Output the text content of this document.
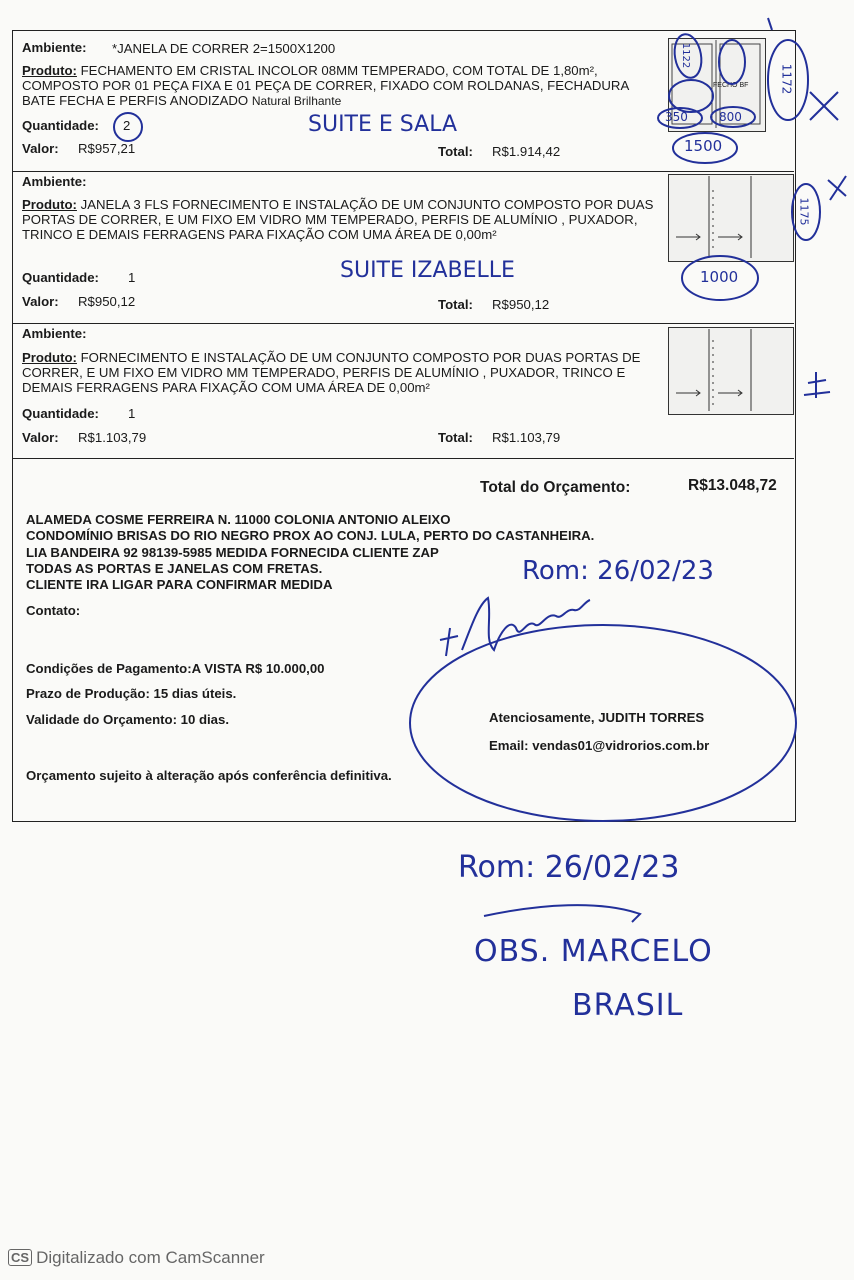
Ambiente: *JANELA DE CORRER 2=1500X1200
Produto: FECHAMENTO EM CRISTAL INCOLOR 08MM TEMPERADO, COM TOTAL DE 1,80m², COMPOSTO POR 01 PEÇA FIXA E 01 PEÇA DE CORRER, FIXADO COM ROLDANAS, FECHADURA BATE FECHA E PERFIS ANODIZADO Natural Brilhante
Quantidade: 2
Valor: R$957,21	Total: R$1.914,42
FECHO BF
Ambiente:
Produto: JANELA 3 FLS FORNECIMENTO E INSTALAÇÃO DE UM CONJUNTO COMPOSTO POR DUAS PORTAS DE CORRER, E UM FIXO EM VIDRO MM TEMPERADO, PERFIS DE ALUMÍNIO , PUXADOR, TRINCO E DEMAIS FERRAGENS PARA FIXAÇÃO COM UMA ÁREA DE 0,00m²
Quantidade: 1
Valor: R$950,12	Total: R$950,12
Ambiente:
Produto: FORNECIMENTO E INSTALAÇÃO DE UM CONJUNTO COMPOSTO POR DUAS PORTAS DE CORRER, E UM FIXO EM VIDRO MM TEMPERADO, PERFIS DE ALUMÍNIO , PUXADOR, TRINCO E DEMAIS FERRAGENS PARA FIXAÇÃO COM UMA ÁREA DE 0,00m²
Quantidade: 1
Valor: R$1.103,79	Total: R$1.103,79
Total do Orçamento:	R$13.048,72
ALAMEDA COSME FERREIRA N. 11000 COLONIA ANTONIO ALEIXO
CONDOMÍNIO BRISAS DO RIO NEGRO PROX AO CONJ. LULA, PERTO DO CASTANHEIRA.
LIA BANDEIRA 92 98139-5985 MEDIDA FORNECIDA CLIENTE ZAP
TODAS AS PORTAS E JANELAS COM FRETAS.
CLIENTE IRA LIGAR PARA CONFIRMAR MEDIDA
Contato:
Condições de Pagamento:A VISTA R$ 10.000,00
Prazo de Produção: 15 dias úteis.
Validade do Orçamento: 10 dias.	Atenciosamente, JUDITH TORRES
Email: vendas01@vidrorios.com.br
Orçamento sujeito à alteração após conferência definitiva.
SUITE E SALA
SUITE IZABELLE
1500
1000
350	800
1172
1175
1122
Rom: 26/02/23
Rom: 26/02/23
OBS. MARCELO
BRASIL
CS Digitalizado com CamScanner
